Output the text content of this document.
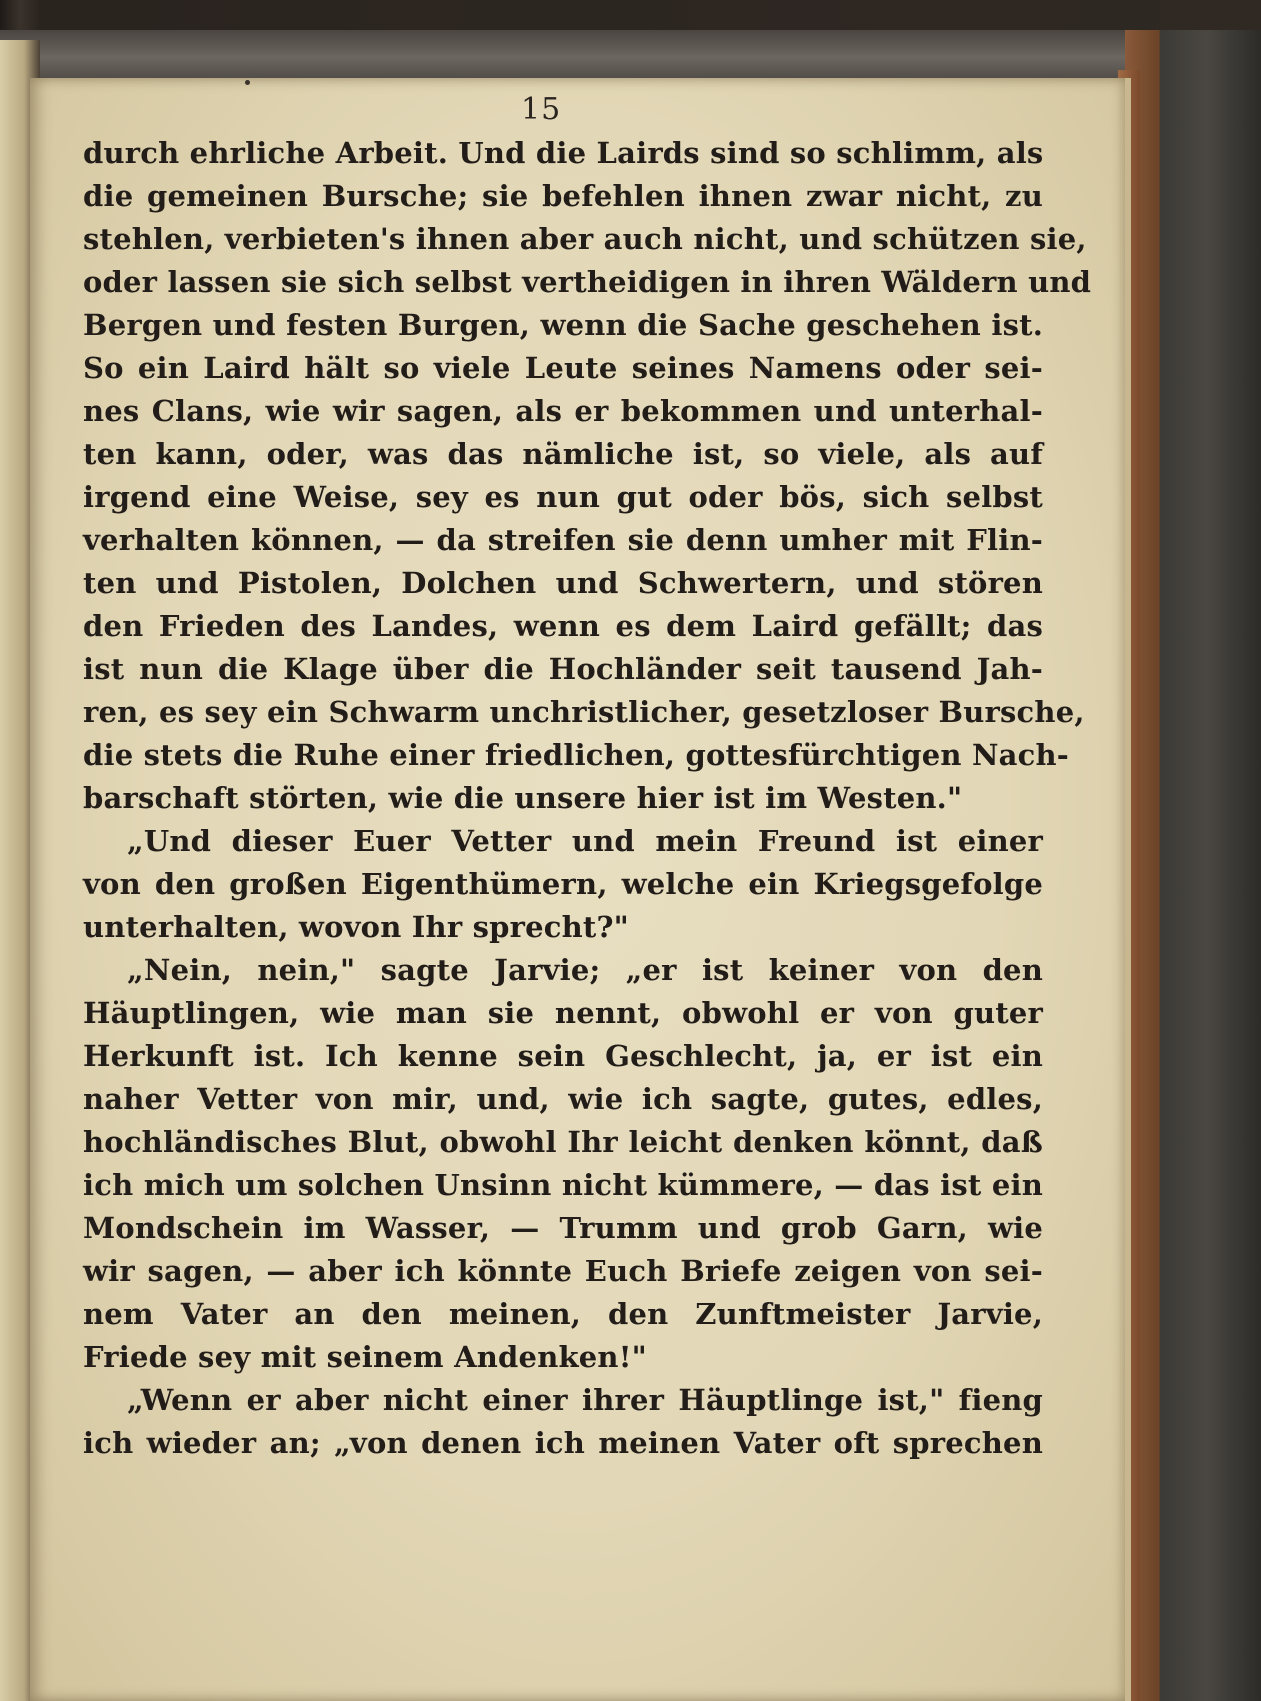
15
durch ehrliche Arbeit. Und die Lairds sind so schlimm, als
die gemeinen Bursche; sie befehlen ihnen zwar nicht, zu
stehlen, verbieten's ihnen aber auch nicht, und schützen sie,
oder lassen sie sich selbst vertheidigen in ihren Wäldern und
Bergen und festen Burgen, wenn die Sache geschehen ist.
So ein Laird hält so viele Leute seines Namens oder sei-
nes Clans, wie wir sagen, als er bekommen und unterhal-
ten kann, oder, was das nämliche ist, so viele, als auf
irgend eine Weise, sey es nun gut oder bös, sich selbst
verhalten können, — da streifen sie denn umher mit Flin-
ten und Pistolen, Dolchen und Schwertern, und stören
den Frieden des Landes, wenn es dem Laird gefällt; das
ist nun die Klage über die Hochländer seit tausend Jah-
ren, es sey ein Schwarm unchristlicher, gesetzloser Bursche,
die stets die Ruhe einer friedlichen, gottesfürchtigen Nach-
barschaft störten, wie die unsere hier ist im Westen."
„Und dieser Euer Vetter und mein Freund ist einer
von den großen Eigenthümern, welche ein Kriegsgefolge
unterhalten, wovon Ihr sprecht?"
„Nein, nein," sagte Jarvie; „er ist keiner von den
Häuptlingen, wie man sie nennt, obwohl er von guter
Herkunft ist. Ich kenne sein Geschlecht, ja, er ist ein
naher Vetter von mir, und, wie ich sagte, gutes, edles,
hochländisches Blut, obwohl Ihr leicht denken könnt, daß
ich mich um solchen Unsinn nicht kümmere, — das ist ein
Mondschein im Wasser, — Trumm und grob Garn, wie
wir sagen, — aber ich könnte Euch Briefe zeigen von sei-
nem Vater an den meinen, den Zunftmeister Jarvie,
Friede sey mit seinem Andenken!"
„Wenn er aber nicht einer ihrer Häuptlinge ist," fieng
ich wieder an; „von denen ich meinen Vater oft sprechen
